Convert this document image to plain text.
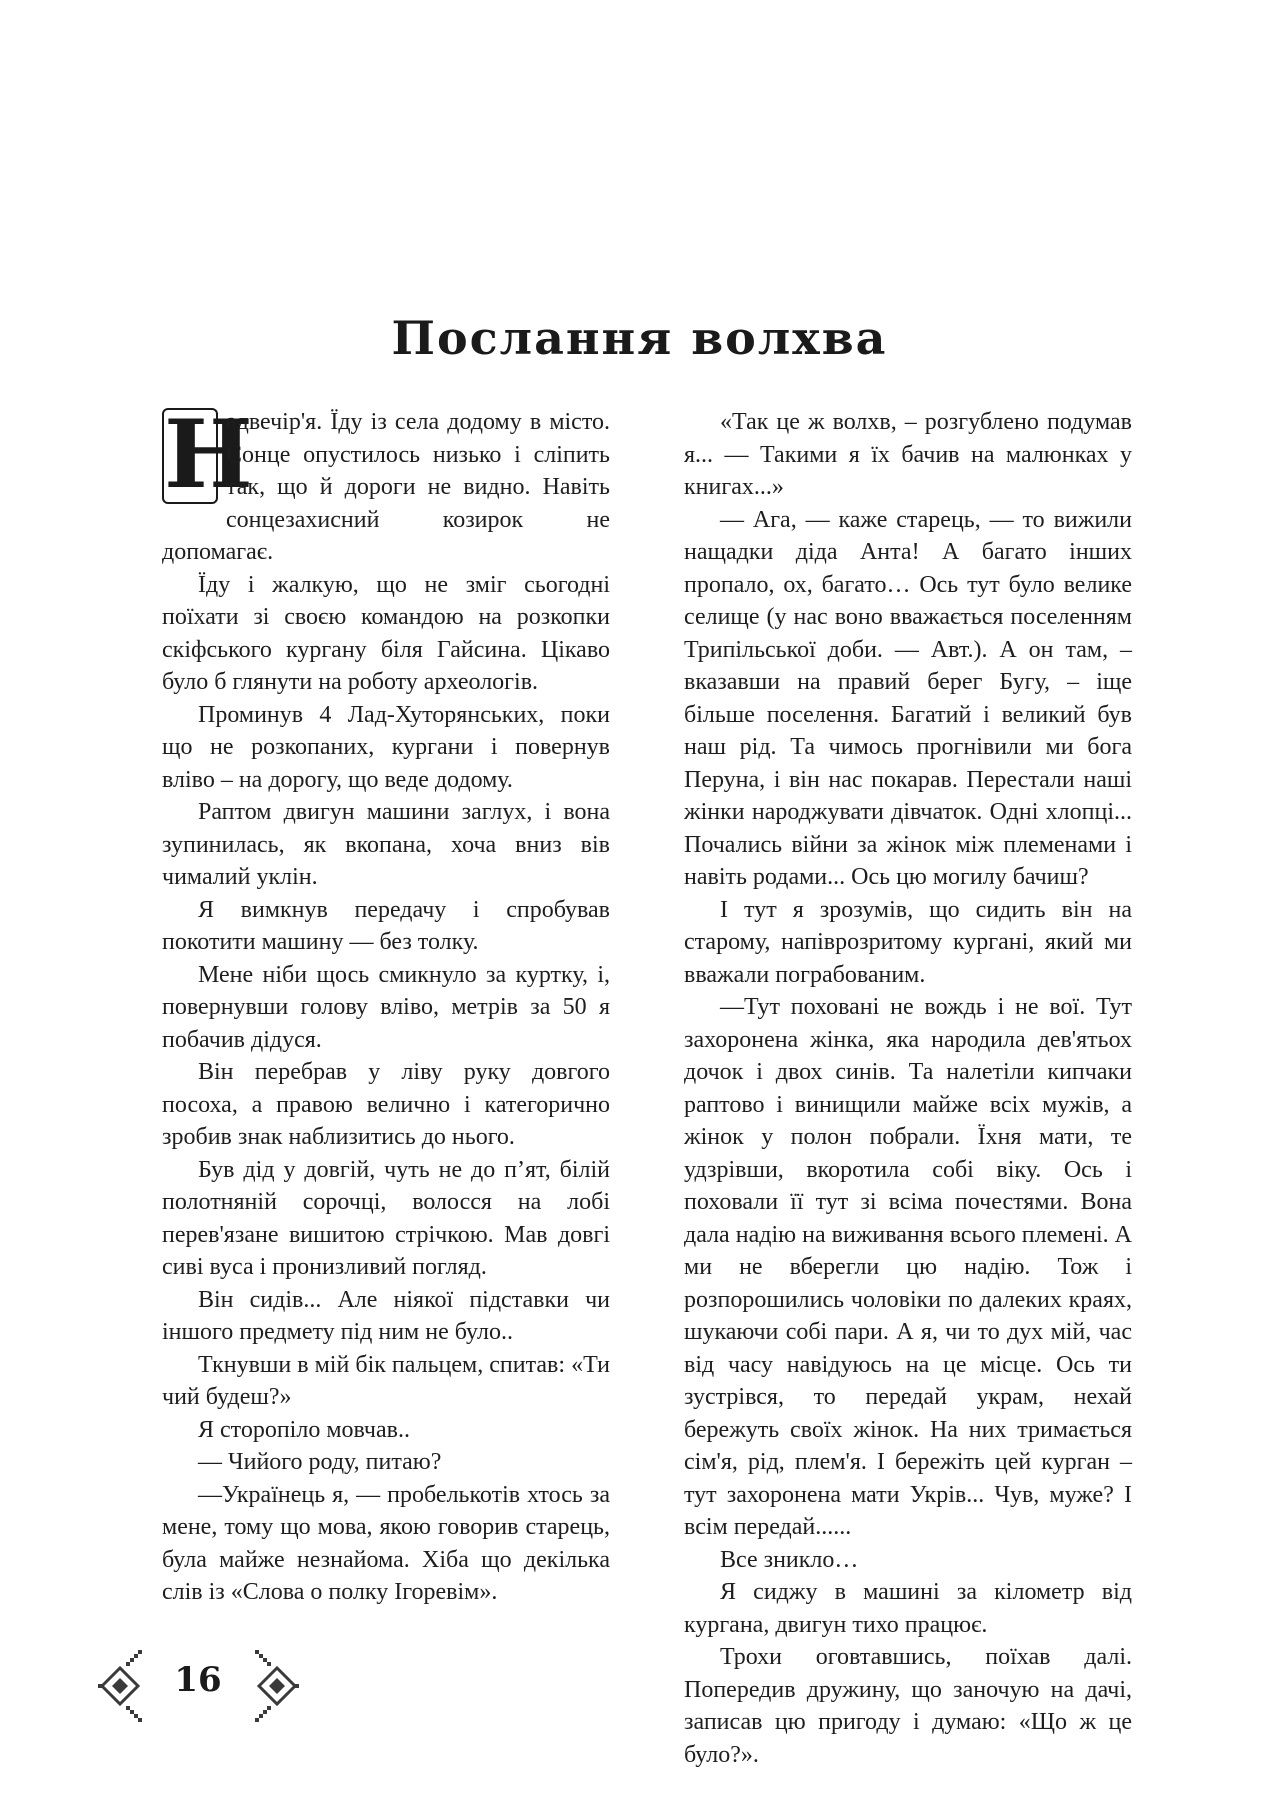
Послання волхва

Н
адвечір'я. Їду із села додому в місто. Сонце опустилось низько і сліпить так, що й дороги не видно. Навіть сонцезахисний козирок не допомагає.

Їду і жалкую, що не зміг сьогодні поїхати зі своєю командою на розкопки скіфського кургану біля Гайсина. Цікаво було б глянути на роботу археологів.

Проминув 4 Лад-Хуторянських, поки що не розкопаних, кургани і повернув вліво – на дорогу, що веде додому.

Раптом двигун машини заглух, і вона зупинилась, як вкопана, хоча вниз вів чималий уклін.

Я вимкнув передачу і спробував покотити машину — без толку.

Мене ніби щось смикнуло за куртку, і, повернувши голову вліво, метрів за 50 я побачив дідуся.

Він перебрав у ліву руку довгого посоха, а правою велично і категорично зробив знак наблизитись до нього.

Був дід у довгій, чуть не до п’ят, білій полотняній сорочці, волосся на лобі перев'язане вишитою стрічкою. Мав довгі сиві вуса і пронизливий погляд.

Він сидів... Але ніякої підставки чи іншого предмету під ним не було..

Ткнувши в мій бік пальцем, спитав: «Ти чий будеш?»

Я сторопіло мовчав..

— Чийого роду, питаю?

—Українець я, — пробелькотів хтось за мене, тому що мова, якою говорив старець, була майже незнайома. Хіба що декілька слів із «Слова о полку Ігоревім».

«Так це ж волхв, – розгублено подумав я... — Такими я їх бачив на малюнках у книгах...»

— Ага, — каже старець, — то вижили нащадки діда Анта! А багато інших пропало, ох, багато… Ось тут було велике селище (у нас воно вважається поселенням Трипільської доби. — Авт.). А он там, – вказавши на правий берег Бугу, – іще більше поселення. Багатий і великий був наш рід. Та чимось прогнівили ми бога Перуна, і він нас покарав. Перестали наші жінки народжувати дівчаток. Одні хлопці... Почались війни за жінок між племенами і навіть родами... Ось цю могилу бачиш?

І тут я зрозумів, що сидить він на старому, напіврозритому кургані, який ми вважали пограбованим.

—Тут поховані не вождь і не вої. Тут захоронена жінка, яка народила дев'ятьох дочок і двох синів. Та налетіли кипчаки раптово і винищили майже всіх мужів, а жінок у полон побрали. Їхня мати, те удзрівши, вкоротила собі віку. Ось і поховали її тут зі всіма почестями. Вона дала надію на виживання всього племені. А ми не вберегли цю надію. Тож і розпорошились чоловіки по далеких краях, шукаючи собі пари. А я, чи то дух мій, час від часу навідуюсь на це місце. Ось ти зустрівся, то передай украм, нехай бережуть своїх жінок. На них тримається сім'я, рід, плем'я. І бережіть цей курган – тут захоронена мати Укрів... Чув, муже? І всім передай......

Все зникло…

Я сиджу в машині за кілометр від кургана, двигун тихо працює.

Трохи оговтавшись, поїхав далі. Попередив дружину, що заночую на дачі, записав цю пригоду і думаю: «Що ж це було?».

16
